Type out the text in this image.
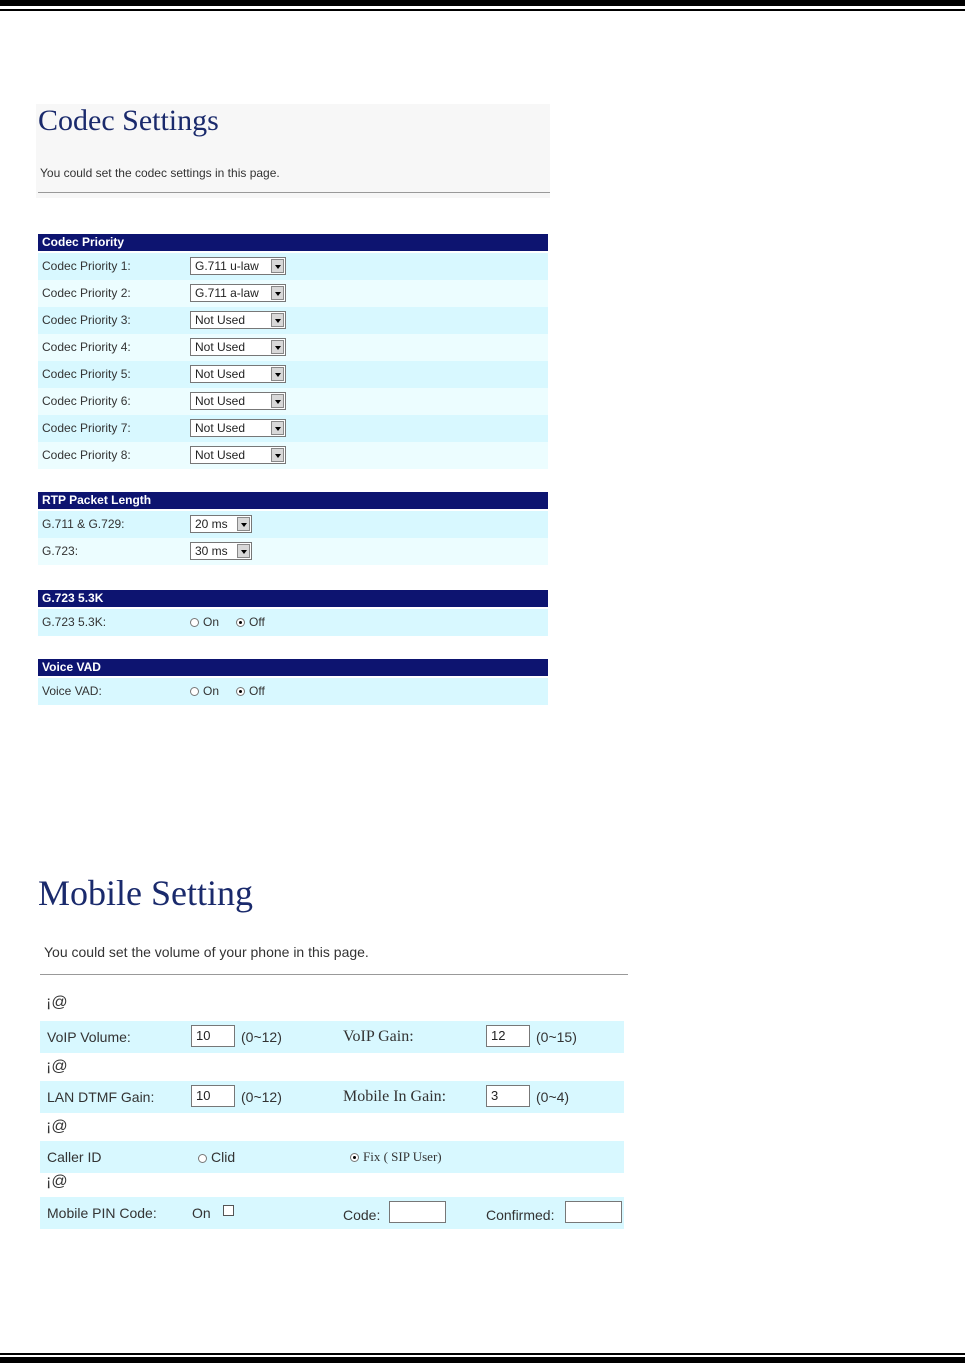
Codec Settings
You could set the codec settings in this page.
Codec Priority
Codec Priority 1:	G.711 u-law
Codec Priority 2:	G.711 a-law
Codec Priority 3:	Not Used
Codec Priority 4:	Not Used
Codec Priority 5:	Not Used
Codec Priority 6:	Not Used
Codec Priority 7:	Not Used
Codec Priority 8:	Not Used
RTP Packet Length
G.711 & G.729:	20 ms
G.723:	30 ms
G.723 5.3K
G.723 5.3K:	On	Off
Voice VAD
Voice VAD:	On	Off
Mobile Setting
You could set the volume of your phone in this page.
¡@
VoIP Volume:	10	(0~12)	VoIP Gain:	12	(0~15)
¡@
LAN DTMF Gain:	10	(0~12)	Mobile In Gain:	3	(0~4)
¡@
Caller ID	Clid	Fix ( SIP User)
¡@
Mobile PIN Code:	On	Code:	Confirmed:
